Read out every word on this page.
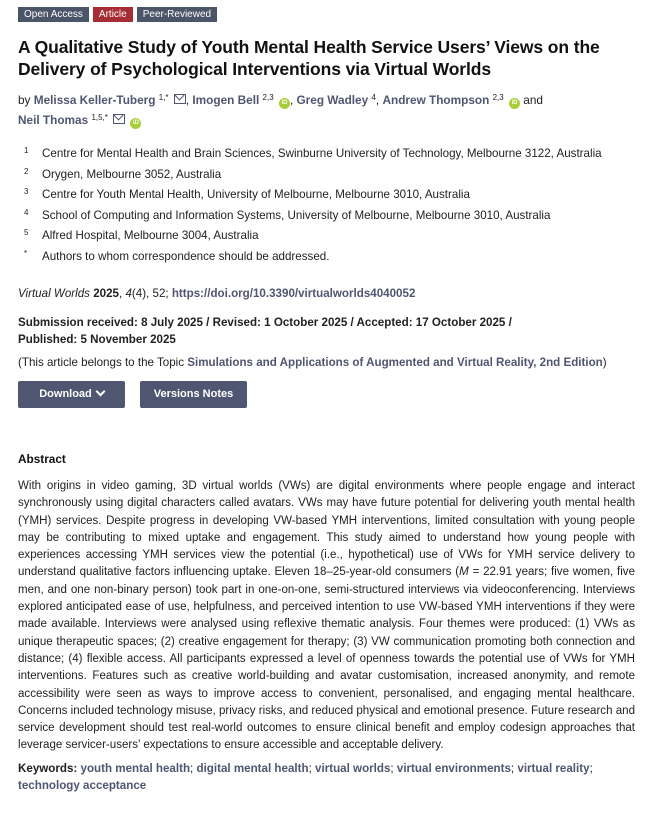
Open Access	Article	Peer-Reviewed
A Qualitative Study of Youth Mental Health Service Users’ Views on the Delivery of Psychological Interventions via Virtual Worlds
by Melissa Keller-Tuberg $^{1,*}$ , Imogen Bell $^{2,3}$ iD , Greg Wadley $^4$, Andrew Thompson $^{2,3}$ iD and
Neil Thomas $^{1,5,*}$  iD
1	Centre for Mental Health and Brain Sciences, Swinburne University of Technology, Melbourne 3122, Australia
2	Orygen, Melbourne 3052, Australia
3	Centre for Youth Mental Health, University of Melbourne, Melbourne 3010, Australia
4	School of Computing and Information Systems, University of Melbourne, Melbourne 3010, Australia
5	Alfred Hospital, Melbourne 3004, Australia
*	Authors to whom correspondence should be addressed.
Virtual Worlds 2025, 4(4), 52; https://doi.org/10.3390/virtualworlds4040052
Submission received: 8 July 2025 / Revised: 1 October 2025 / Accepted: 17 October 2025 /
Published: 5 November 2025
(This article belongs to the Topic Simulations and Applications of Augmented and Virtual Reality, 2nd Edition)
Download	Versions Notes
Abstract
With origins in video gaming, 3D virtual worlds (VWs) are digital environments where people engage and interact synchronously using digital characters called avatars. VWs may have future potential for delivering youth mental health (YMH) services. Despite progress in developing VW-based YMH interventions, limited consultation with young people may be contributing to mixed uptake and engagement. This study aimed to understand how young people with experiences accessing YMH services view the potential (i.e., hypothetical) use of VWs for YMH service delivery to understand qualitative factors influencing uptake. Eleven 18–25-year-old consumers (M = 22.91 years; five women, five men, and one non-binary person) took part in one-on-one, semi-structured interviews via videoconferencing. Interviews explored anticipated ease of use, helpfulness, and perceived intention to use VW-based YMH interventions if they were made available. Interviews were analysed using reflexive thematic analysis. Four themes were produced: (1) VWs as unique therapeutic spaces; (2) creative engagement for therapy; (3) VW communication promoting both connection and distance; (4) flexible access. All participants expressed a level of openness towards the potential use of VWs for YMH interventions. Features such as creative world-building and avatar customisation, increased anonymity, and remote accessibility were seen as ways to improve access to convenient, personalised, and engaging mental healthcare. Concerns included technology misuse, privacy risks, and reduced physical and emotional presence. Future research and service development should test real-world outcomes to ensure clinical benefit and employ codesign approaches that leverage servicer-users’ expectations to ensure accessible and acceptable delivery.
Keywords: youth mental health; digital mental health; virtual worlds; virtual environments; virtual reality; technology acceptance
